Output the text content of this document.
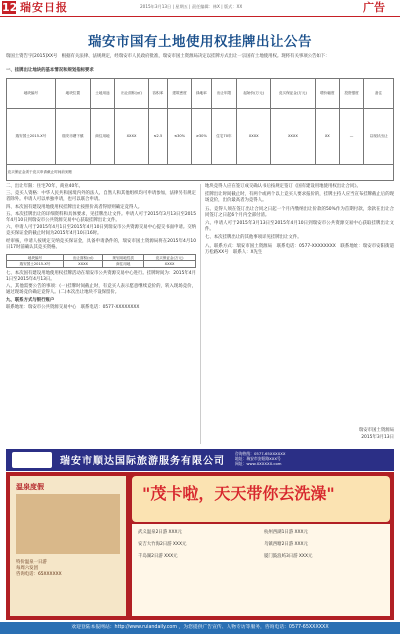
12 瑞安日报	2015年3月13日 | 星期五 | 责任编辑：林X | 版式：XX	广告
瑞安市国有土地使用权挂牌出让公告
瑞国土资告字[2015]XX号　根据有关法律、法规规定，经瑞安市人民政府批准，瑞安市国土资源局决定以挂牌方式出让一宗国有土地使用权。现将有关事项公告如下：
一、挂牌出让地块的基本情况和规划指标要求
地块编号	地块位置	土地用途	出让面积(㎡)	容积率	建筑密度	绿地率	出让年限	起始价(万元)	竞买保证金(万元)	增价幅度	投资强度	备注
瑞安国土2015-X号	瑞安市塘下镇	商住用地	XXXX	≤2.5	≤30%	≥30%	住宅70年	XXXX	XXXX	XX	—	以现状出让
竞买保证金须于竞买申请截止时间前到账												

二、出让年限：住宅70年，商业40年。

三、竞买人资格：中华人民共和国境内外的法人、自然人和其他组织均可申请参加，法律另有规定者除外。申请人可以单独申请，也可以联合申请。

四、本次国有建设用地使用权挂牌出让按照价高者得原则确定竞得人。

五、本次挂牌出让的详细资料和具体要求，见挂牌出让文件。申请人可于2015年3月13日至2015年4月10日到瑞安市公共资源交易中心获取挂牌出让文件。

六、申请人可于2015年4月1日至2015年4月10日到瑞安市公共资源交易中心提交书面申请。交纳竞买保证金的截止时间为2015年4月10日16时。

经审核，申请人按规定交纳竞买保证金，具备申请条件的，瑞安市国土资源局将在2015年4月10日17时前确认其竞买资格。

地块编号	出让面积(㎡)	规划用地性质	竞买保证金(万元)
瑞安国土2015-X号	XXXX	商住用地	XXXX

七、本次国有建设用地使用权挂牌活动在瑞安市公共资源交易中心进行。挂牌时间为：2015年4月1日至2015年4月13日。

八、其他需要公告的事项：(一)挂牌时间截止时，有竞买人表示愿意继续竞价的，转入现场竞价，通过现场竞价确定竞得人。(二)本次出让地块不设保留价。

九、联系方式与银行账户

联系地址：瑞安市公共资源交易中心　联系电话：0577-XXXXXXXX

地块竞得人应在签订成交确认书后按规定签订《国有建设用地使用权出让合同》。

挂牌出让时间截止时，有两个或两个以上竞买人要求报价的，挂牌主持人应当宣布挂牌截止后的现场竞价，出价最高者为竞得人。

五、竞得人须在签订出让合同之日起一个月内缴纳出让价款的50%作为首期付款，余款在出让合同签订之日起6个月内全部付清。

六、申请人可于2015年3月13日至2015年4月10日到瑞安市公共资源交易中心获取挂牌出让文件。

七、本次挂牌出让的其他事项详见挂牌出让文件。

八、联系方式：瑞安市国土资源局　联系电话：0577-XXXXXXXX　联系地址：瑞安市安阳街道万松路XX号　联系人：X先生

瑞安市国土资源局
2015年3月13日
瑞安市顺达国际旅游服务有限公司
咨询热线：0577-65XXXXXX
地址：瑞安市安阳路XXX号
网址：www.XXXXXX.com
温泉度假
特价温泉一日游
每周六发团
咨询电话：65XXXXXX
"茂卡啦，天天带你去洗澡"
武义温泉2日游 XXX元
安吉大竹海2日游 XXX元
千岛湖2日游 XXX元
杭州西湖1日游 XXX元
乌镇西塘2日游 XXX元
厦门鼓浪屿3日游 XXX元
欢迎登陆本报网站：http://www.ruiandaily.com ，为您提供广告宣传、人物专访等服务，咨询电话：0577-65XXXXXX
